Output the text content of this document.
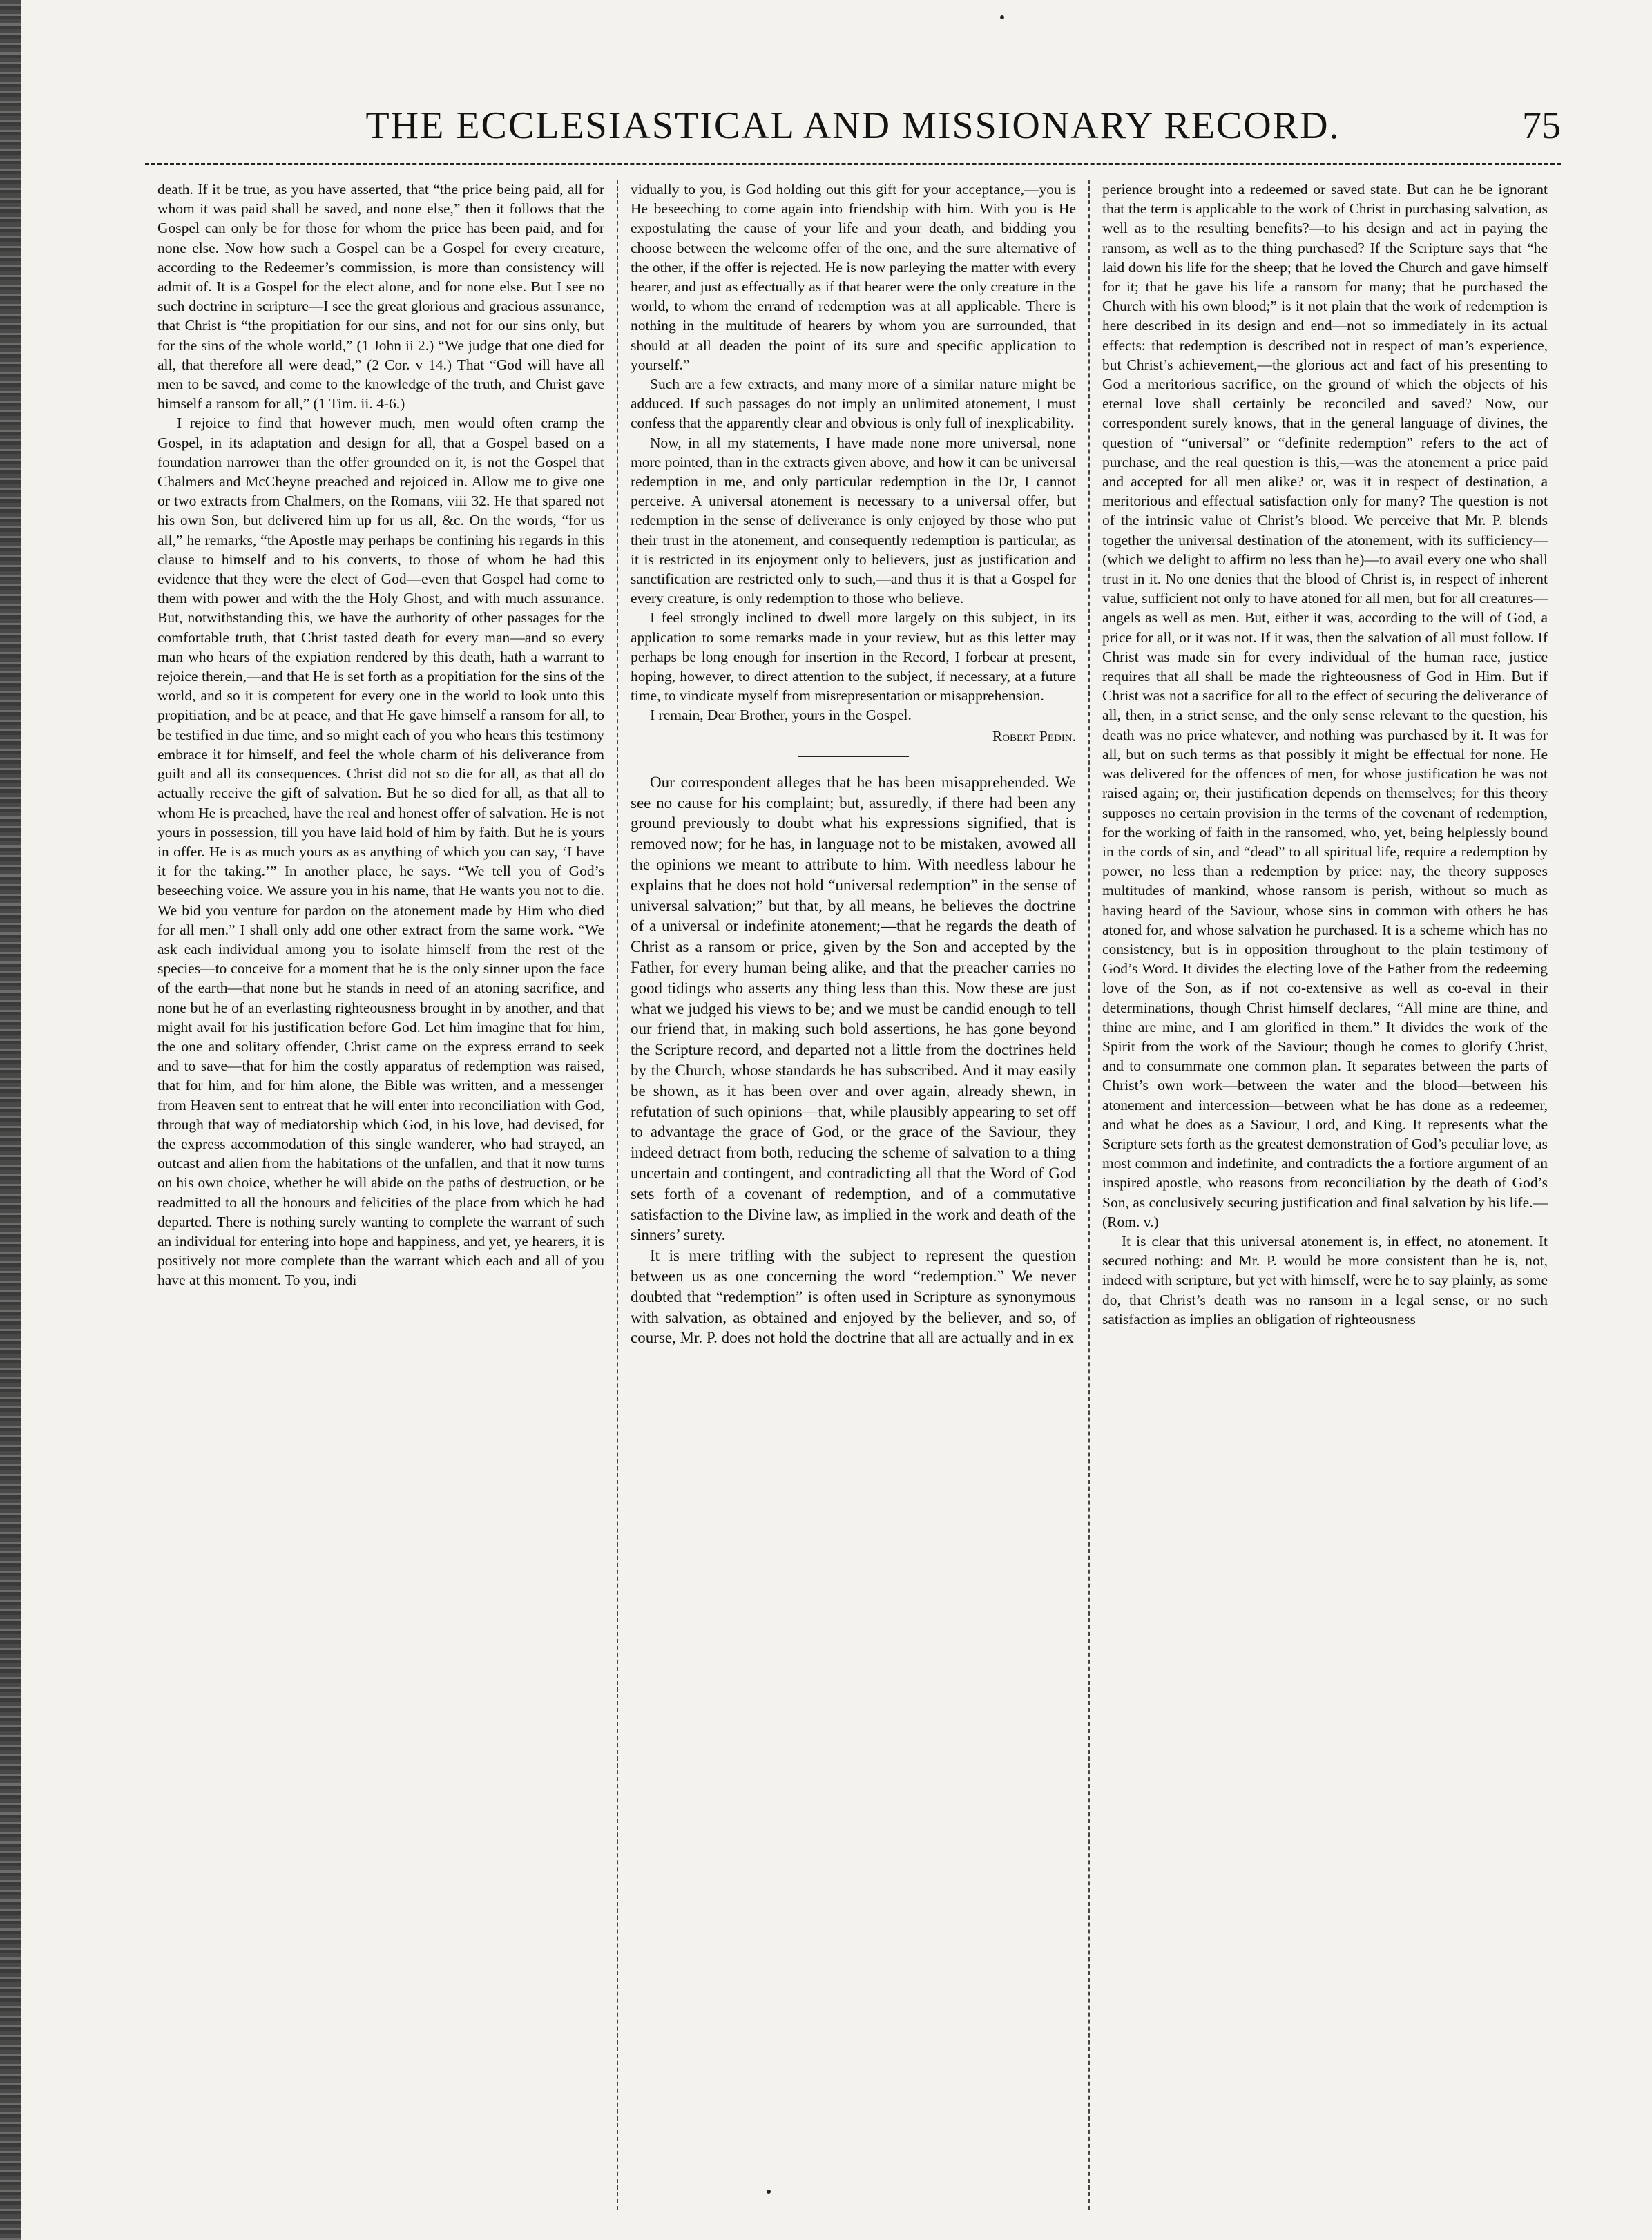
THE ECCLESIASTICAL AND MISSIONARY RECORD.	75

death. If it be true, as you have asserted, that “the price being paid, all for whom it was paid shall be saved, and none else,” then it follows that the Gospel can only be for those for whom the price has been paid, and for none else. Now how such a Gospel can be a Gospel for every creature, according to the Redeemer’s commission, is more than consistency will admit of. It is a Gospel for the elect alone, and for none else. But I see no such doctrine in scripture—I see the great glorious and gracious assurance, that Christ is “the propitiation for our sins, and not for our sins only, but for the sins of the whole world,” (1 John ii 2.) “We judge that one died for all, that therefore all were dead,” (2 Cor. v 14.) That “God will have all men to be saved, and come to the knowledge of the truth, and Christ gave himself a ransom for all,” (1 Tim. ii. 4-6.)

I rejoice to find that however much, men would often cramp the Gospel, in its adaptation and design for all, that a Gospel based on a foundation narrower than the offer grounded on it, is not the Gospel that Chalmers and McCheyne preached and rejoiced in. Allow me to give one or two extracts from Chalmers, on the Romans, viii 32. He that spared not his own Son, but delivered him up for us all, &c. On the words, “for us all,” he remarks, “the Apostle may perhaps be confining his regards in this clause to himself and to his converts, to those of whom he had this evidence that they were the elect of God—even that Gospel had come to them with power and with the the Holy Ghost, and with much assurance. But, notwithstanding this, we have the authority of other passages for the comfortable truth, that Christ tasted death for every man—and so every man who hears of the expiation rendered by this death, hath a warrant to rejoice therein,—and that He is set forth as a propitiation for the sins of the world, and so it is competent for every one in the world to look unto this propitiation, and be at peace, and that He gave himself a ransom for all, to be testified in due time, and so might each of you who hears this testimony embrace it for himself, and feel the whole charm of his deliverance from guilt and all its consequences. Christ did not so die for all, as that all do actually receive the gift of salvation. But he so died for all, as that all to whom He is preached, have the real and honest offer of salvation. He is not yours in possession, till you have laid hold of him by faith. But he is yours in offer. He is as much yours as as anything of which you can say, ‘I have it for the taking.’” In another place, he says. “We tell you of God’s beseeching voice. We assure you in his name, that He wants you not to die. We bid you venture for pardon on the atonement made by Him who died for all men.” I shall only add one other extract from the same work. “We ask each individual among you to isolate himself from the rest of the species—to conceive for a moment that he is the only sinner upon the face of the earth—that none but he stands in need of an atoning sacrifice, and none but he of an everlasting righteousness brought in by another, and that might avail for his justification before God. Let him imagine that for him, the one and solitary offender, Christ came on the express errand to seek and to save—that for him the costly apparatus of redemption was raised, that for him, and for him alone, the Bible was written, and a messenger from Heaven sent to entreat that he will enter into reconciliation with God, through that way of mediatorship which God, in his love, had devised, for the express accommodation of this single wanderer, who had strayed, an outcast and alien from the habitations of the unfallen, and that it now turns on his own choice, whether he will abide on the paths of destruction, or be readmitted to all the honours and felicities of the place from which he had departed. There is nothing surely wanting to complete the warrant of such an individual for entering into hope and happiness, and yet, ye hearers, it is positively not more complete than the warrant which each and all of you have at this moment. To you, indi

vidually to you, is God holding out this gift for your acceptance,—you is He beseeching to come again into friendship with him. With you is He expostulating the cause of your life and your death, and bidding you choose between the welcome offer of the one, and the sure alternative of the other, if the offer is rejected. He is now parleying the matter with every hearer, and just as effectually as if that hearer were the only creature in the world, to whom the errand of redemption was at all applicable. There is nothing in the multitude of hearers by whom you are surrounded, that should at all deaden the point of its sure and specific application to yourself.”

Such are a few extracts, and many more of a similar nature might be adduced. If such passages do not imply an unlimited atonement, I must confess that the apparently clear and obvious is only full of inexplicability.

Now, in all my statements, I have made none more universal, none more pointed, than in the extracts given above, and how it can be universal redemption in me, and only particular redemption in the Dr, I cannot perceive. A universal atonement is necessary to a universal offer, but redemption in the sense of deliverance is only enjoyed by those who put their trust in the atonement, and consequently redemption is particular, as it is restricted in its enjoyment only to believers, just as justification and sanctification are restricted only to such,—and thus it is that a Gospel for every creature, is only redemption to those who believe.

I feel strongly inclined to dwell more largely on this subject, in its application to some remarks made in your review, but as this letter may perhaps be long enough for insertion in the Record, I forbear at present, hoping, however, to direct attention to the subject, if necessary, at a future time, to vindicate myself from misrepresentation or misapprehension.

I remain, Dear Brother, yours in the Gospel.

Robert Pedin.

Our correspondent alleges that he has been misapprehended. We see no cause for his complaint; but, assuredly, if there had been any ground previously to doubt what his expressions signified, that is removed now; for he has, in language not to be mistaken, avowed all the opinions we meant to attribute to him. With needless labour he explains that he does not hold “universal redemption” in the sense of universal salvation;” but that, by all means, he believes the doctrine of a universal or indefinite atonement;—that he regards the death of Christ as a ransom or price, given by the Son and accepted by the Father, for every human being alike, and that the preacher carries no good tidings who asserts any thing less than this. Now these are just what we judged his views to be; and we must be candid enough to tell our friend that, in making such bold assertions, he has gone beyond the Scripture record, and departed not a little from the doctrines held by the Church, whose standards he has subscribed. And it may easily be shown, as it has been over and over again, already shewn, in refutation of such opinions—that, while plausibly appearing to set off to advantage the grace of God, or the grace of the Saviour, they indeed detract from both, reducing the scheme of salvation to a thing uncertain and contingent, and contradicting all that the Word of God sets forth of a covenant of redemption, and of a commutative satisfaction to the Divine law, as implied in the work and death of the sinners’ surety.

It is mere trifling with the subject to represent the question between us as one concerning the word “redemption.” We never doubted that “redemption” is often used in Scripture as synonymous with salvation, as obtained and enjoyed by the believer, and so, of course, Mr. P. does not hold the doctrine that all are actually and in ex

perience brought into a redeemed or saved state. But can he be ignorant that the term is applicable to the work of Christ in purchasing salvation, as well as to the resulting benefits?—to his design and act in paying the ransom, as well as to the thing purchased? If the Scripture says that “he laid down his life for the sheep; that he loved the Church and gave himself for it; that he gave his life a ransom for many; that he purchased the Church with his own blood;” is it not plain that the work of redemption is here described in its design and end—not so immediately in its actual effects: that redemption is described not in respect of man’s experience, but Christ’s achievement,—the glorious act and fact of his presenting to God a meritorious sacrifice, on the ground of which the objects of his eternal love shall certainly be reconciled and saved? Now, our correspondent surely knows, that in the general language of divines, the question of “universal” or “definite redemption” refers to the act of purchase, and the real question is this,—was the atonement a price paid and accepted for all men alike? or, was it in respect of destination, a meritorious and effectual satisfaction only for many? The question is not of the intrinsic value of Christ’s blood. We perceive that Mr. P. blends together the universal destination of the atonement, with its sufficiency—(which we delight to affirm no less than he)—to avail every one who shall trust in it. No one denies that the blood of Christ is, in respect of inherent value, sufficient not only to have atoned for all men, but for all creatures—angels as well as men. But, either it was, according to the will of God, a price for all, or it was not. If it was, then the salvation of all must follow. If Christ was made sin for every individual of the human race, justice requires that all shall be made the righteousness of God in Him. But if Christ was not a sacrifice for all to the effect of securing the deliverance of all, then, in a strict sense, and the only sense relevant to the question, his death was no price whatever, and nothing was purchased by it. It was for all, but on such terms as that possibly it might be effectual for none. He was delivered for the offences of men, for whose justification he was not raised again; or, their justification depends on themselves; for this theory supposes no certain provision in the terms of the covenant of redemption, for the working of faith in the ransomed, who, yet, being helplessly bound in the cords of sin, and “dead” to all spiritual life, require a redemption by power, no less than a redemption by price: nay, the theory supposes multitudes of mankind, whose ransom is perish, without so much as having heard of the Saviour, whose sins in common with others he has atoned for, and whose salvation he purchased. It is a scheme which has no consistency, but is in opposition throughout to the plain testimony of God’s Word. It divides the electing love of the Father from the redeeming love of the Son, as if not co-extensive as well as co-eval in their determinations, though Christ himself declares, “All mine are thine, and thine are mine, and I am glorified in them.” It divides the work of the Spirit from the work of the Saviour; though he comes to glorify Christ, and to consummate one common plan. It separates between the parts of Christ’s own work—between the water and the blood—between his atonement and intercession—between what he has done as a redeemer, and what he does as a Saviour, Lord, and King. It represents what the Scripture sets forth as the greatest demonstration of God’s peculiar love, as most common and indefinite, and contradicts the a fortiore argument of an inspired apostle, who reasons from reconciliation by the death of God’s Son, as conclusively securing justification and final salvation by his life.—(Rom. v.)

It is clear that this universal atonement is, in effect, no atonement. It secured nothing: and Mr. P. would be more consistent than he is, not, indeed with scripture, but yet with himself, were he to say plainly, as some do, that Christ’s death was no ransom in a legal sense, or no such satisfaction as implies an obligation of righteousness
